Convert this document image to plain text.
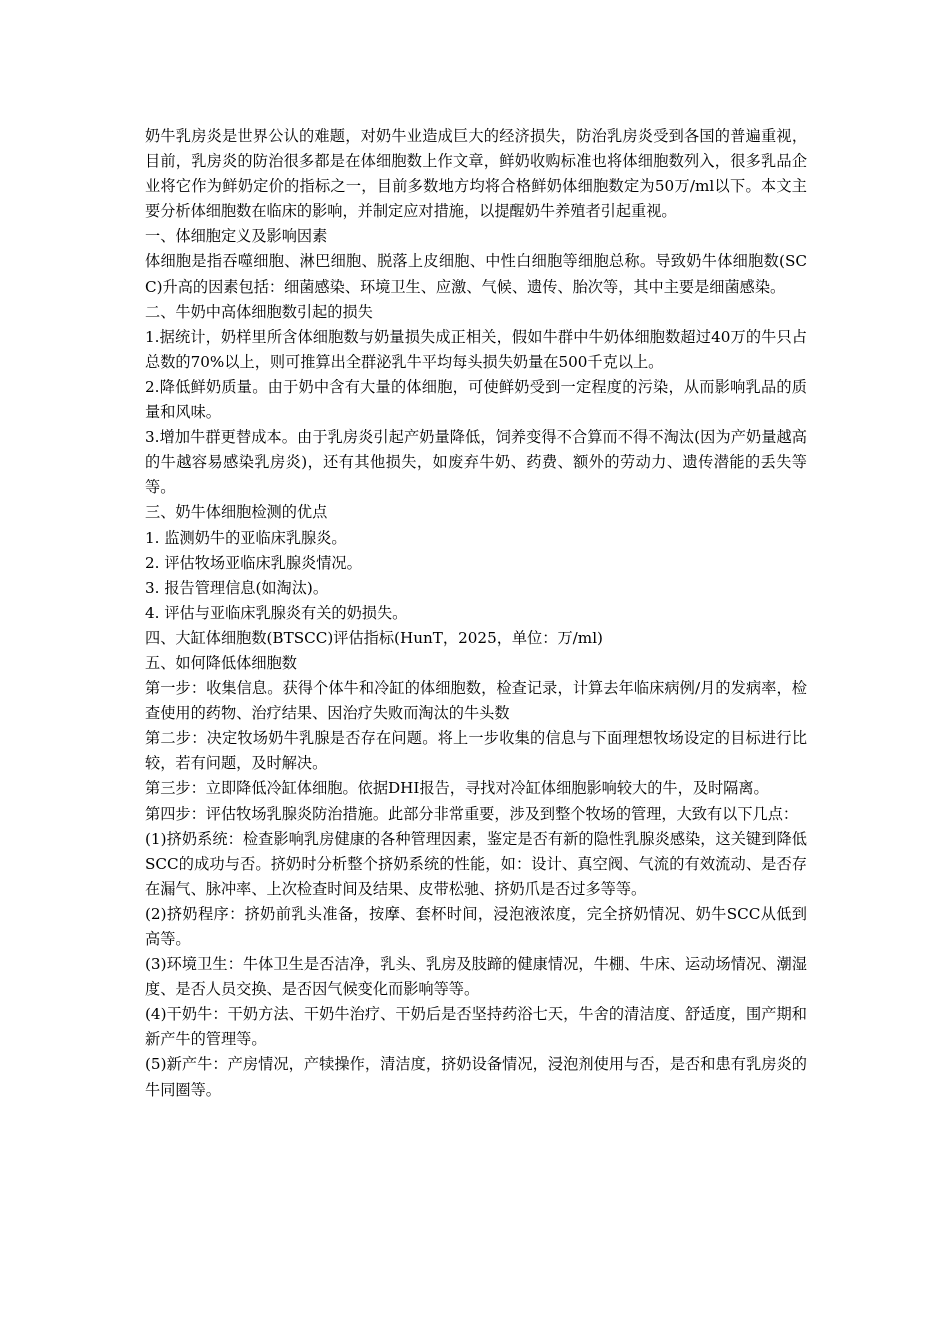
奶牛乳房炎是世界公认的难题，对奶牛业造成巨大的经济损失，防治乳房炎受到各国的普遍重视，目前，乳房炎的防治很多都是在体细胞数上作文章，鲜奶收购标准也将体细胞数列入，很多乳品企业将它作为鲜奶定价的指标之一，目前多数地方均将合格鲜奶体细胞数定为50万/ml以下。本文主要分析体细胞数在临床的影响，并制定应对措施，以提醒奶牛养殖者引起重视。

一、体细胞定义及影响因素

体细胞是指吞噬细胞、淋巴细胞、脱落上皮细胞、中性白细胞等细胞总称。导致奶牛体细胞数(SCC)升高的因素包括：细菌感染、环境卫生、应激、气候、遗传、胎次等，其中主要是细菌感染。

二、牛奶中高体细胞数引起的损失

1.据统计，奶样里所含体细胞数与奶量损失成正相关，假如牛群中牛奶体细胞数超过40万的牛只占总数的70%以上，则可推算出全群泌乳牛平均每头损失奶量在500千克以上。

2.降低鲜奶质量。由于奶中含有大量的体细胞，可使鲜奶受到一定程度的污染，从而影响乳品的质量和风味。

3.增加牛群更替成本。由于乳房炎引起产奶量降低，饲养变得不合算而不得不淘汰(因为产奶量越高的牛越容易感染乳房炎)，还有其他损失，如废弃牛奶、药费、额外的劳动力、遗传潜能的丢失等等。

三、奶牛体细胞检测的优点

1. 监测奶牛的亚临床乳腺炎。

2. 评估牧场亚临床乳腺炎情况。

3. 报告管理信息(如淘汰)。

4. 评估与亚临床乳腺炎有关的奶损失。

四、大缸体细胞数(BTSCC)评估指标(HunT，2025，单位：万/ml)

五、如何降低体细胞数

第一步：收集信息。获得个体牛和冷缸的体细胞数，检查记录，计算去年临床病例/月的发病率，检查使用的药物、治疗结果、因治疗失败而淘汰的牛头数

第二步：决定牧场奶牛乳腺是否存在问题。将上一步收集的信息与下面理想牧场设定的目标进行比较，若有问题，及时解决。

第三步：立即降低冷缸体细胞。依据DHI报告，寻找对冷缸体细胞影响较大的牛，及时隔离。

第四步：评估牧场乳腺炎防治措施。此部分非常重要，涉及到整个牧场的管理，大致有以下几点：

(1)挤奶系统：检查影响乳房健康的各种管理因素，鉴定是否有新的隐性乳腺炎感染，这关键到降低SCC的成功与否。挤奶时分析整个挤奶系统的性能，如：设计、真空阀、气流的有效流动、是否存在漏气、脉冲率、上次检查时间及结果、皮带松驰、挤奶爪是否过多等等。

(2)挤奶程序：挤奶前乳头准备，按摩、套杯时间，浸泡液浓度，完全挤奶情况、奶牛SCC从低到高等。

(3)环境卫生：牛体卫生是否洁净，乳头、乳房及肢蹄的健康情况，牛棚、牛床、运动场情况、潮湿度、是否人员交换、是否因气候变化而影响等等。

(4)干奶牛：干奶方法、干奶牛治疗、干奶后是否坚持药浴七天，牛舍的清洁度、舒适度，围产期和新产牛的管理等。

(5)新产牛：产房情况，产犊操作，清洁度，挤奶设备情况，浸泡剂使用与否，是否和患有乳房炎的牛同圈等。
